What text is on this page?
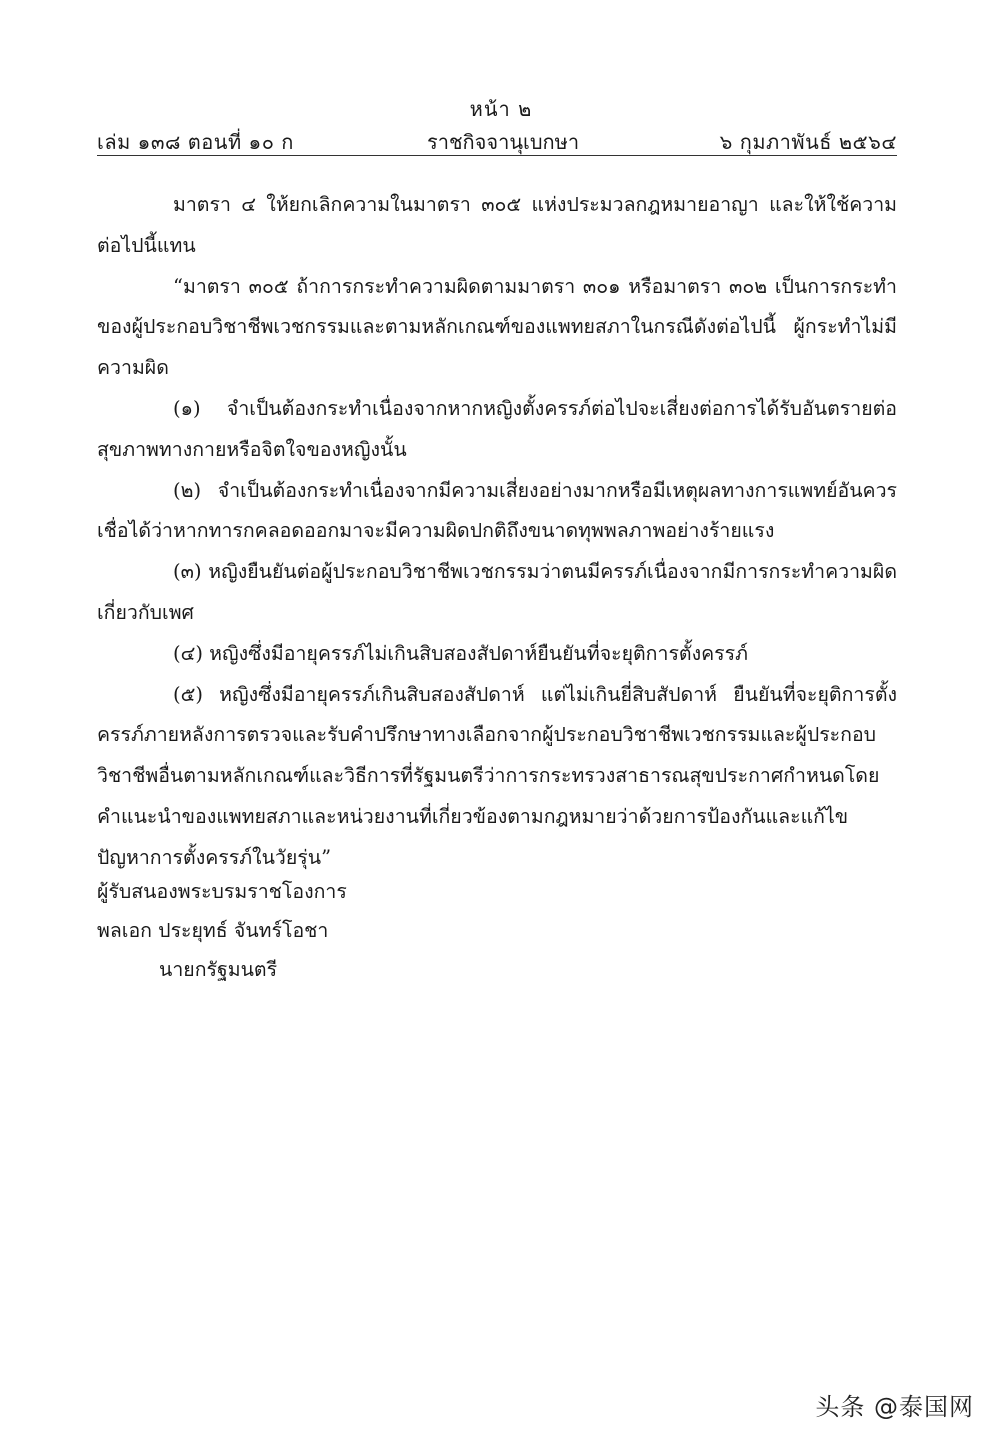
หน้า ๒
เล่ม ๑๓๘ ตอนที่ ๑๐ ก	ราชกิจจานุเบกษา	๖ กุมภาพันธ์ ๒๕๖๔

มาตรา ๔ ให้ยกเลิกความในมาตรา ๓๐๕ แห่งประมวลกฎหมายอาญา และให้ใช้ความต่อไปนี้แทน

“มาตรา ๓๐๕ ถ้าการกระทำความผิดตามมาตรา ๓๐๑ หรือมาตรา ๓๐๒ เป็นการกระทำของผู้ประกอบวิชาชีพเวชกรรมและตามหลักเกณฑ์ของแพทยสภาในกรณีดังต่อไปนี้ ผู้กระทำไม่มีความผิด

(๑) จำเป็นต้องกระทำเนื่องจากหากหญิงตั้งครรภ์ต่อไปจะเสี่ยงต่อการได้รับอันตรายต่อสุขภาพทางกายหรือจิตใจของหญิงนั้น

(๒) จำเป็นต้องกระทำเนื่องจากมีความเสี่ยงอย่างมากหรือมีเหตุผลทางการแพทย์อันควรเชื่อได้ว่าหากทารกคลอดออกมาจะมีความผิดปกติถึงขนาดทุพพลภาพอย่างร้ายแรง

(๓) หญิงยืนยันต่อผู้ประกอบวิชาชีพเวชกรรมว่าตนมีครรภ์เนื่องจากมีการกระทำความผิดเกี่ยวกับเพศ

(๔) หญิงซึ่งมีอายุครรภ์ไม่เกินสิบสองสัปดาห์ยืนยันที่จะยุติการตั้งครรภ์

(๕) หญิงซึ่งมีอายุครรภ์เกินสิบสองสัปดาห์ แต่ไม่เกินยี่สิบสัปดาห์ ยืนยันที่จะยุติการตั้งครรภ์ภายหลังการตรวจและรับคำปรึกษาทางเลือกจากผู้ประกอบวิชาชีพเวชกรรมและผู้ประกอบวิชาชีพอื่นตามหลักเกณฑ์และวิธีการที่รัฐมนตรีว่าการกระทรวงสาธารณสุขประกาศกำหนดโดยคำแนะนำของแพทยสภาและหน่วยงานที่เกี่ยวข้องตามกฎหมายว่าด้วยการป้องกันและแก้ไขปัญหาการตั้งครรภ์ในวัยรุ่น”

ผู้รับสนองพระบรมราชโองการ
พลเอก ประยุทธ์ จันทร์โอชา
นายกรัฐมนตรี
头条 @泰国网
